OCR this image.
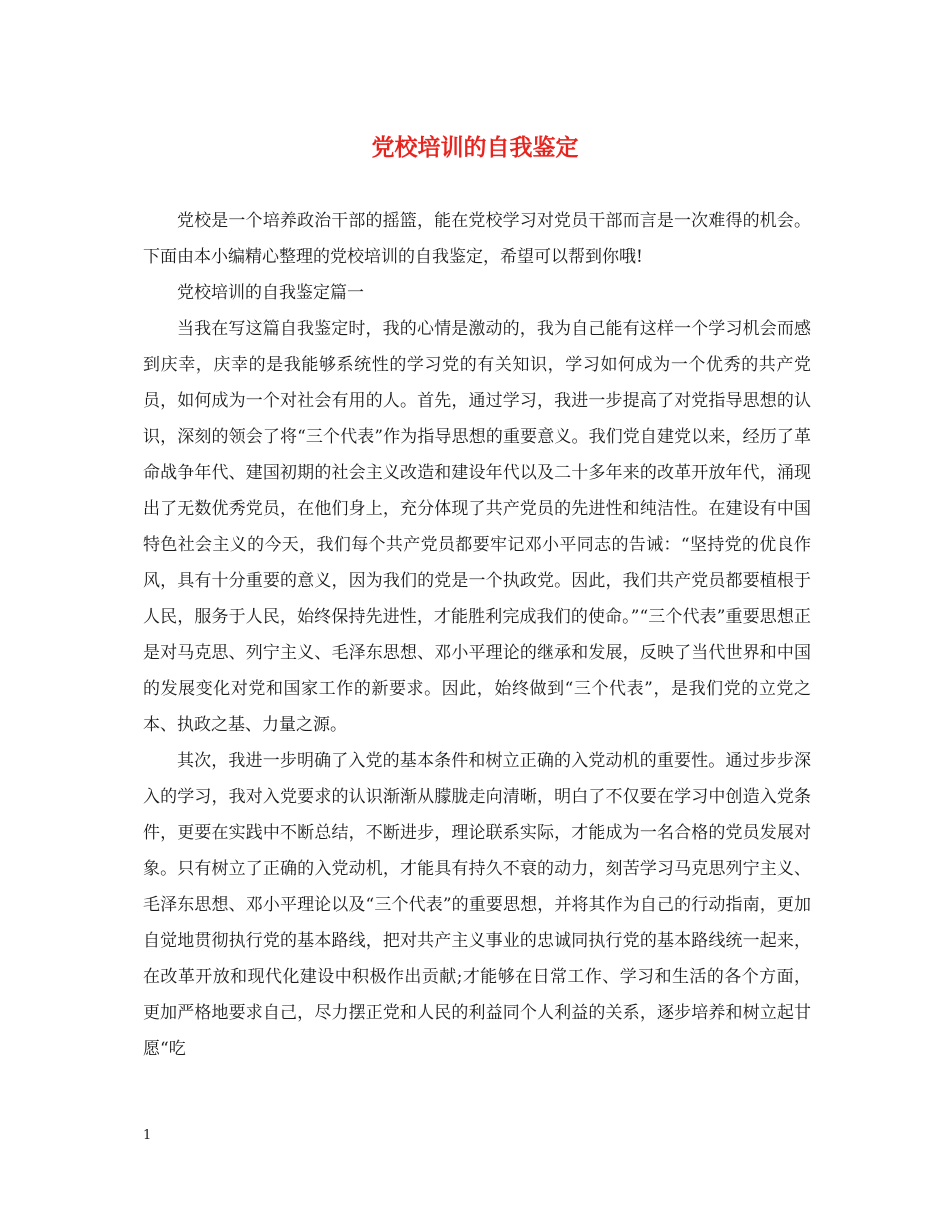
党校培训的自我鉴定

党校是一个培养政治干部的摇篮，能在党校学习对党员干部而言是一次难得的机会。下面由本小编精心整理的党校培训的自我鉴定，希望可以帮到你哦!

党校培训的自我鉴定篇一

当我在写这篇自我鉴定时，我的心情是激动的，我为自己能有这样一个学习机会而感到庆幸，庆幸的是我能够系统性的学习党的有关知识，学习如何成为一个优秀的共产党员，如何成为一个对社会有用的人。首先，通过学习，我进一步提高了对党指导思想的认识，深刻的领会了将“三个代表”作为指导思想的重要意义。我们党自建党以来，经历了革命战争年代、建国初期的社会主义改造和建设年代以及二十多年来的改革开放年代，涌现出了无数优秀党员，在他们身上，充分体现了共产党员的先进性和纯洁性。在建设有中国特色社会主义的今天，我们每个共产党员都要牢记邓小平同志的告诫：“坚持党的优良作风，具有十分重要的意义，因为我们的党是一个执政党。因此，我们共产党员都要植根于人民，服务于人民，始终保持先进性，才能胜利完成我们的使命。”“三个代表”重要思想正是对马克思、列宁主义、毛泽东思想、邓小平理论的继承和发展，反映了当代世界和中国的发展变化对党和国家工作的新要求。因此，始终做到“三个代表”，是我们党的立党之本、执政之基、力量之源。

其次，我进一步明确了入党的基本条件和树立正确的入党动机的重要性。通过步步深入的学习，我对入党要求的认识渐渐从朦胧走向清晰，明白了不仅要在学习中创造入党条件，更要在实践中不断总结，不断进步，理论联系实际，才能成为一名合格的党员发展对象。只有树立了正确的入党动机，才能具有持久不衰的动力，刻苦学习马克思列宁主义、毛泽东思想、邓小平理论以及“三个代表”的重要思想，并将其作为自己的行动指南，更加自觉地贯彻执行党的基本路线，把对共产主义事业的忠诚同执行党的基本路线统一起来，在改革开放和现代化建设中积极作出贡献;才能够在日常工作、学习和生活的各个方面，更加严格地要求自己，尽力摆正党和人民的利益同个人利益的关系，逐步培养和树立起甘愿“吃

1
